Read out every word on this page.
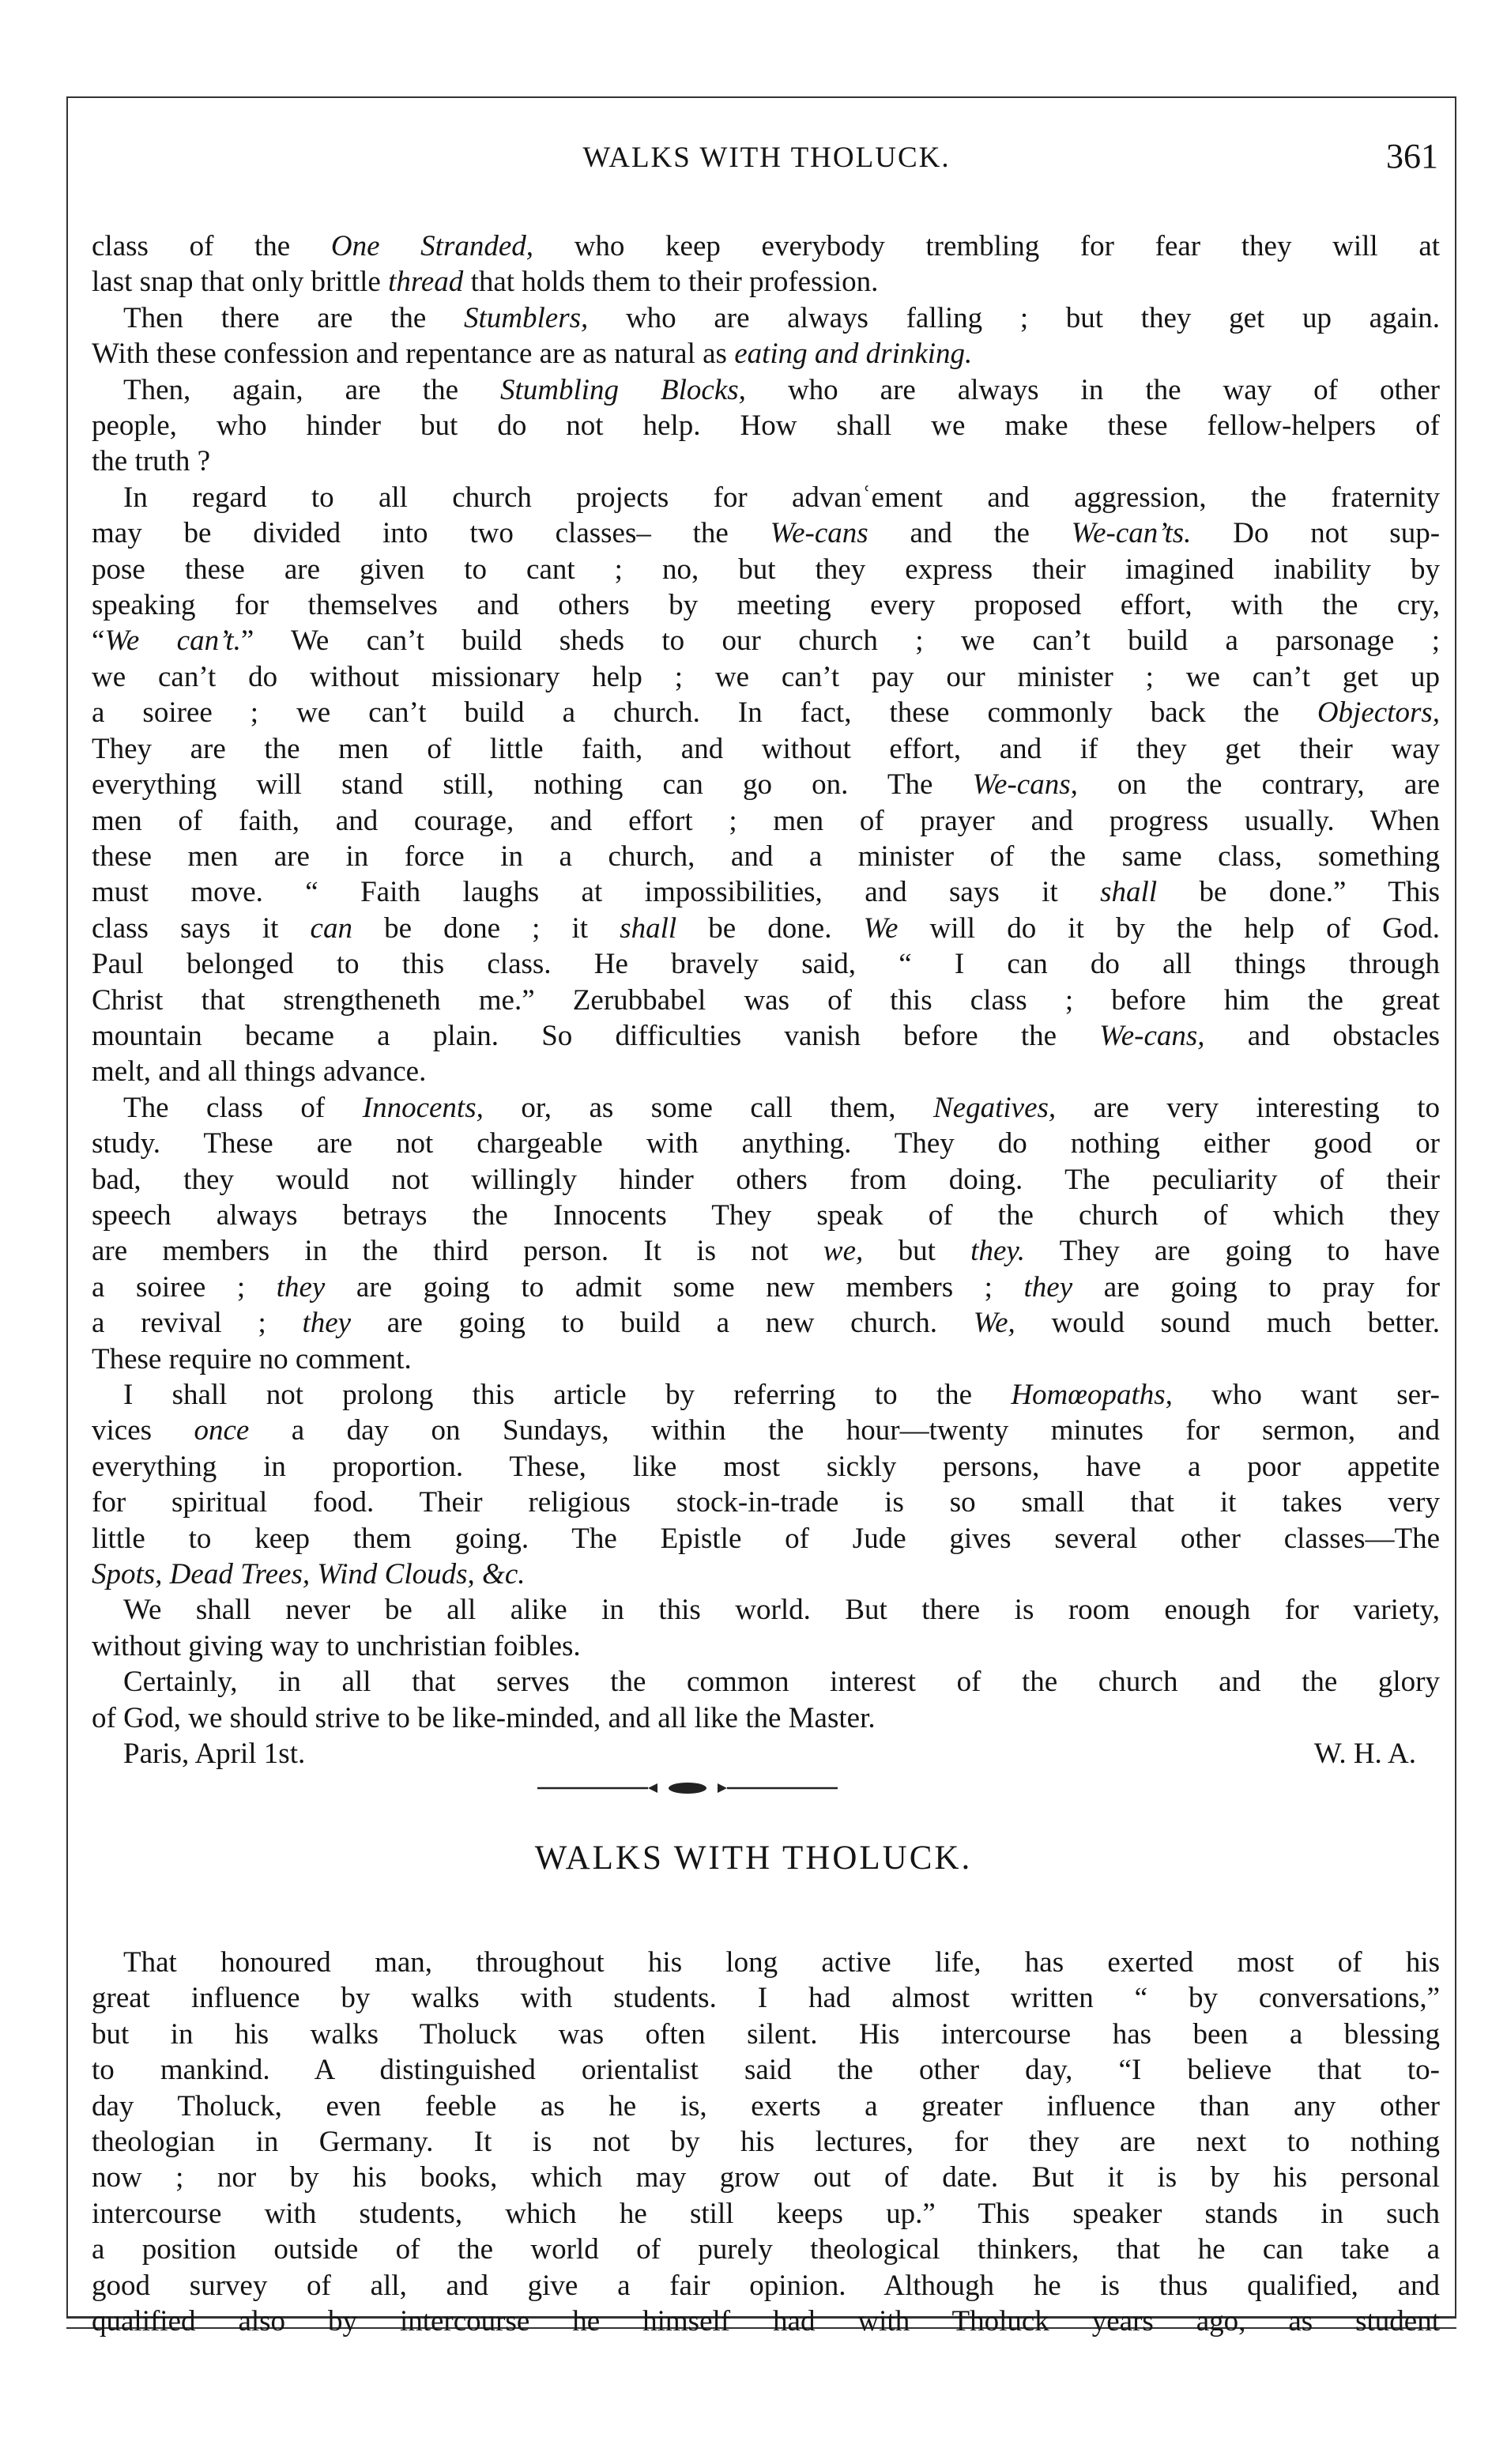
WALKS WITH THOLUCK.	361

class of the One Stranded, who keep everybody trembling for fear they will at

last snap that only brittle thread that holds them to their profession.

Then there are the Stumblers, who are always falling ; but they get up again.

With these confession and repentance are as natural as eating and drinking.

Then, again, are the Stumbling Blocks, who are always in the way of other

people, who hinder but do not help. How shall we make these fellow-helpers of

the truth ?

In regard to all church projects for advanʿement and aggression, the fraternity

may be divided into two classes– the We-cans and the We-can’ts. Do not sup-

pose these are given to cant ; no, but they express their imagined inability by

speaking for themselves and others by meeting every proposed effort, with the cry,

“We can’t.” We can’t build sheds to our church ; we can’t build a parsonage ;

we can’t do without missionary help ; we can’t pay our minister ; we can’t get up

a soiree ; we can’t build a church. In fact, these commonly back the Objectors,

They are the men of little faith, and without effort, and if they get their way

everything will stand still, nothing can go on. The We-cans, on the contrary, are

men of faith, and courage, and effort ; men of prayer and progress usually. When

these men are in force in a church, and a minister of the same class, something

must move. “ Faith laughs at impossibilities, and says it shall be done.” This

class says it can be done ; it shall be done. We will do it by the help of God.

Paul belonged to this class. He bravely said, “ I can do all things through

Christ that strengtheneth me.” Zerubbabel was of this class ; before him the great

mountain became a plain. So difficulties vanish before the We-cans, and obstacles

melt, and all things advance.

The class of Innocents, or, as some call them, Negatives, are very interesting to

study. These are not chargeable with anything. They do nothing either good or

bad, they would not willingly hinder others from doing. The peculiarity of their

speech always betrays the Innocents They speak of the church of which they

are members in the third person. It is not we, but they. They are going to have

a soiree ; they are going to admit some new members ; they are going to pray for

a revival ; they are going to build a new church. We, would sound much better.

These require no comment.

I shall not prolong this article by referring to the Homœopaths, who want ser-

vices once a day on Sundays, within the hour—twenty minutes for sermon, and

everything in proportion. These, like most sickly persons, have a poor appetite

for spiritual food. Their religious stock-in-trade is so small that it takes very

little to keep them going. The Epistle of Jude gives several other classes—The

Spots, Dead Trees, Wind Clouds, &c.

We shall never be all alike in this world. But there is room enough for variety,

without giving way to unchristian foibles.

Certainly, in all that serves the common interest of the church and the glory

of God, we should strive to be like-minded, and all like the Master.

Paris, April 1st.	W. H. A.
WALKS WITH THOLUCK.

That honoured man, throughout his long active life, has exerted most of his

great influence by walks with students. I had almost written “ by conversations,”

but in his walks Tholuck was often silent. His intercourse has been a blessing

to mankind. A distinguished orientalist said the other day, “I believe that to-

day Tholuck, even feeble as he is, exerts a greater influence than any other

theologian in Germany. It is not by his lectures, for they are next to nothing

now ; nor by his books, which may grow out of date. But it is by his personal

intercourse with students, which he still keeps up.” This speaker stands in such

a position outside of the world of purely theological thinkers, that he can take a

good survey of all, and give a fair opinion. Although he is thus qualified, and

qualified also by intercourse he himself had with Tholuck years ago, as student
